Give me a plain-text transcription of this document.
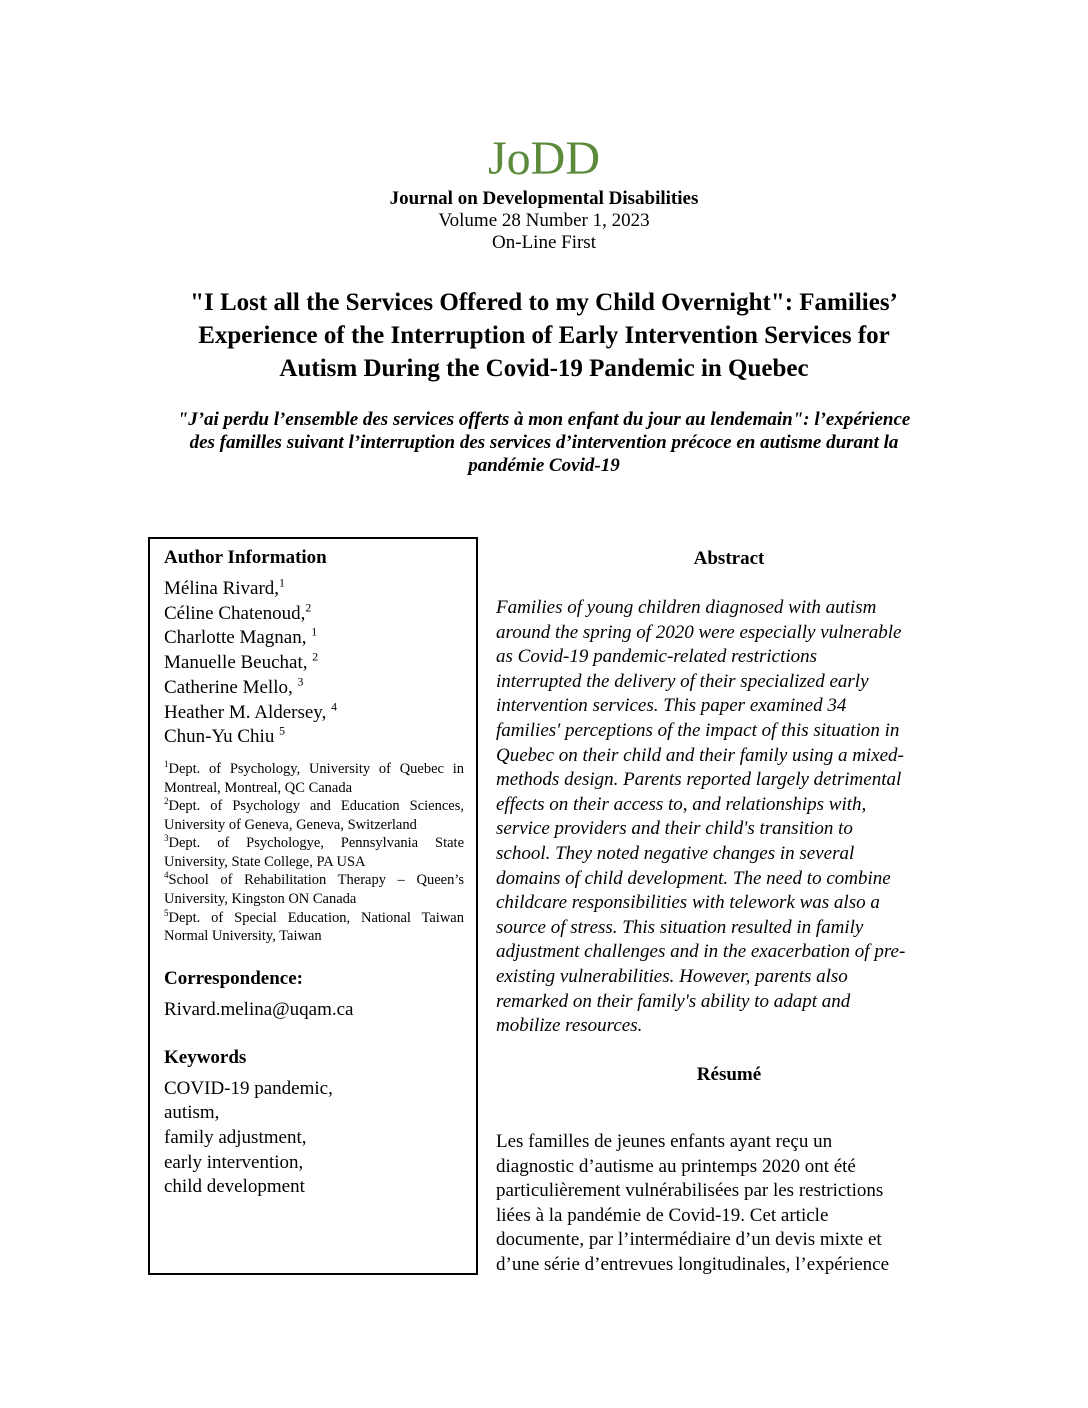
JoDD
Journal on Developmental Disabilities
Volume 28 Number 1, 2023
On-Line First
"I Lost all the Services Offered to my Child Overnight": Families’
Experience of the Interruption of Early Intervention Services for
Autism During the Covid-19 Pandemic in Quebec
"J’ai perdu l’ensemble des services offerts à mon enfant du jour au lendemain": l’expérience
des familles suivant l’interruption des services d’intervention précoce en autisme durant la
pandémie Covid-19
Author Information
Mélina Rivard,$^1$
Céline Chatenoud,$^2$
Charlotte Magnan, $^1$
Manuelle Beuchat, $^2$
Catherine Mello, $^3$
Heather M. Aldersey, $^4$
Chun-Yu Chiu $^5$
$^1$Dept. of Psychology, University of Quebec in Montreal, Montreal, QC Canada
$^2$Dept. of Psychology and Education Sciences, University of Geneva, Geneva, Switzerland
$^3$Dept. of Psychologye, Pennsylvania State University, State College, PA USA
$^4$School of Rehabilitation Therapy – Queen’s University, Kingston ON Canada
$^5$Dept. of Special Education, National Taiwan Normal University, Taiwan
Correspondence:
Rivard.melina@uqam.ca
Keywords
COVID-19 pandemic,
autism,
family adjustment,
early intervention,
child development
Abstract
Families of young children diagnosed with autism
around the spring of 2020 were especially vulnerable
as Covid-19 pandemic-related restrictions
interrupted the delivery of their specialized early
intervention services. This paper examined 34
families' perceptions of the impact of this situation in
Quebec on their child and their family using a mixed-
methods design. Parents reported largely detrimental
effects on their access to, and relationships with,
service providers and their child's transition to
school. They noted negative changes in several
domains of child development. The need to combine
childcare responsibilities with telework was also a
source of stress. This situation resulted in family
adjustment challenges and in the exacerbation of pre-
existing vulnerabilities. However, parents also
remarked on their family's ability to adapt and
mobilize resources.
Résumé
Les familles de jeunes enfants ayant reçu un
diagnostic d’autisme au printemps 2020 ont été
particulièrement vulnérabilisées par les restrictions
liées à la pandémie de Covid-19. Cet article
documente, par l’intermédiaire d’un devis mixte et
d’une série d’entrevues longitudinales, l’expérience
